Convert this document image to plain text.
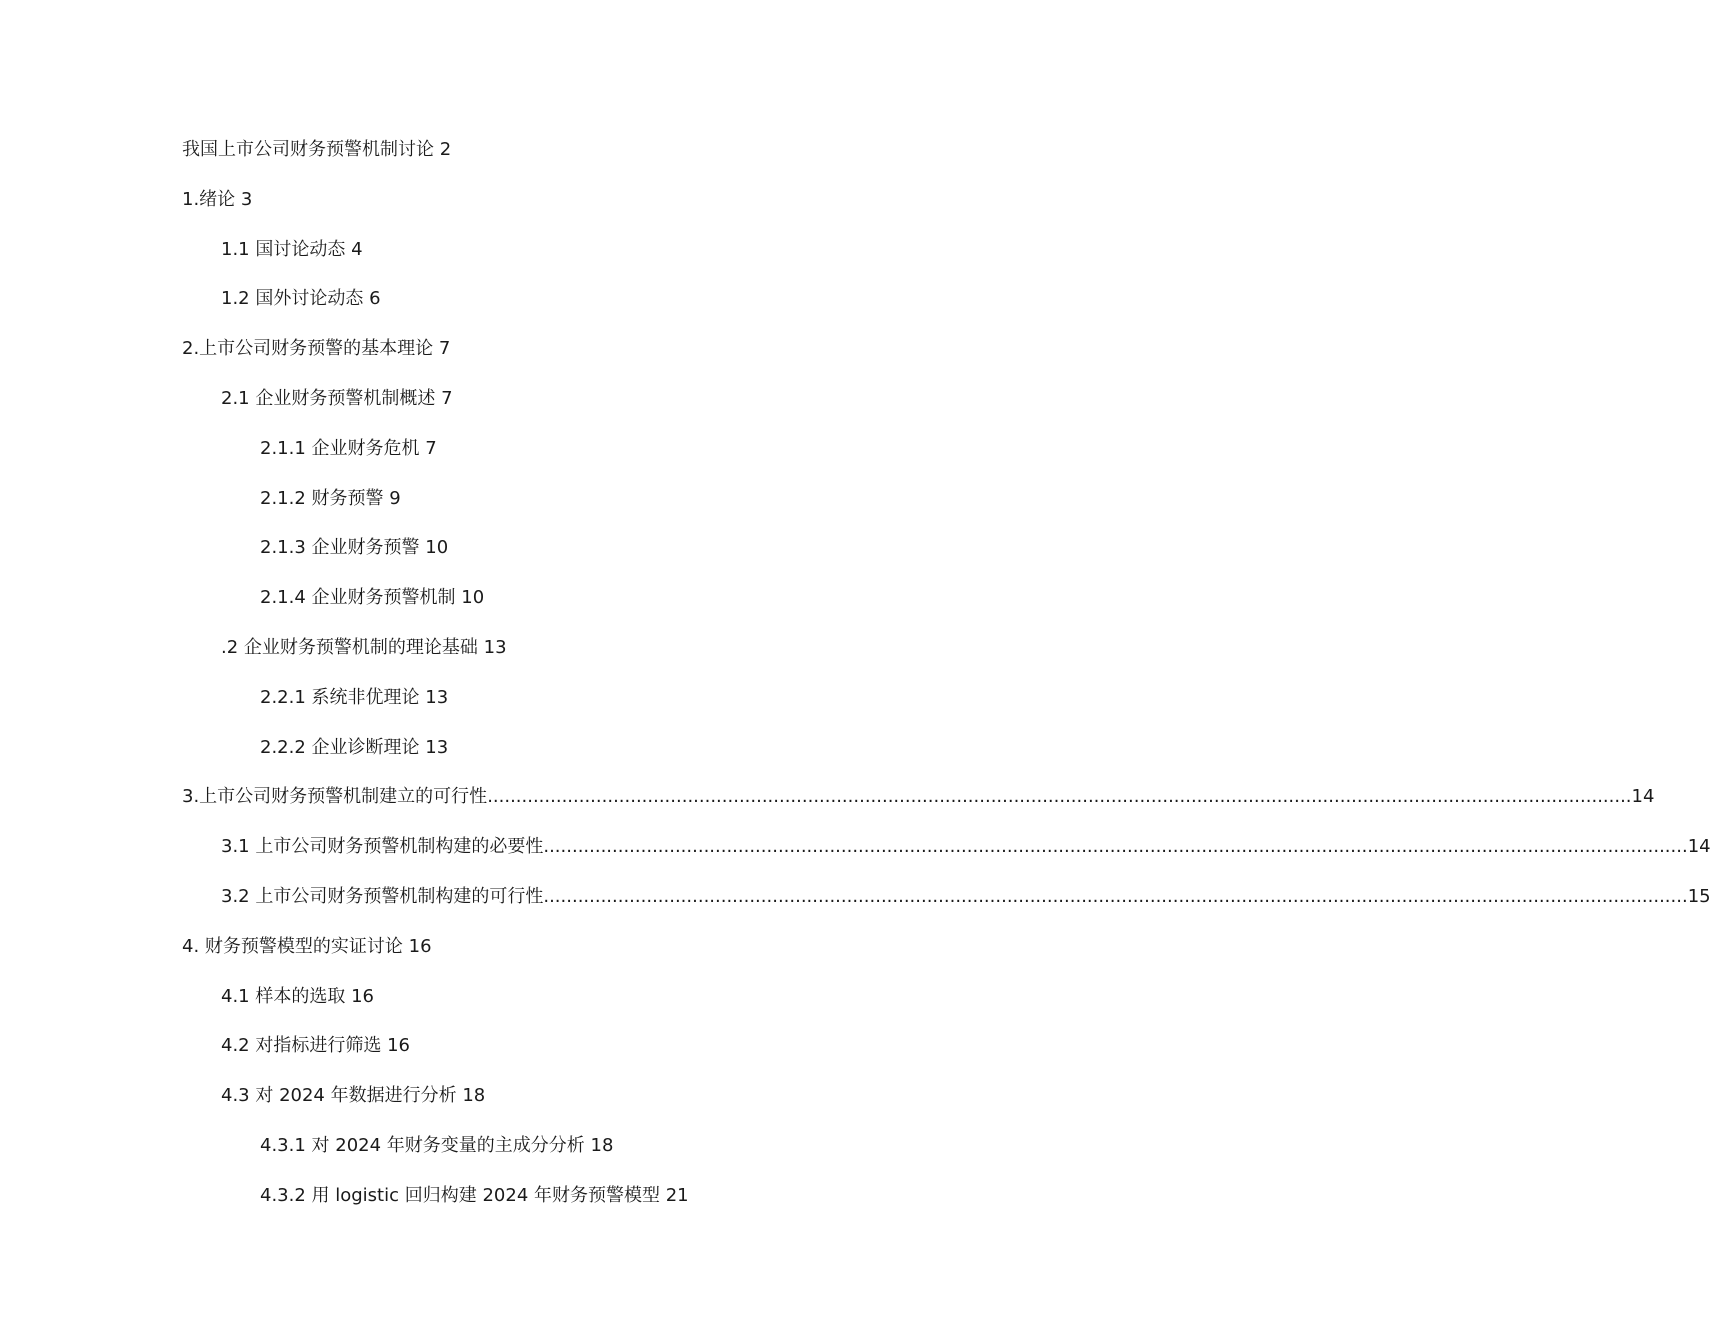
我国上市公司财务预警机制讨论
2
1.绪论
3
1.1 国讨论动态
4
1.2 国外讨论动态
6
2.上市公司财务预警的基本理论
7
2.1 企业财务预警机制概述
7
2.1.1 企业财务危机
7
2.1.2 财务预警
9
2.1.3 企业财务预警
10
2.1.4 企业财务预警机制
10
.2 企业财务预警机制的理论基础
13
2.2.1 系统非优理论
13
2.2.2 企业诊断理论
13
3.上市公司财务预警机制建立的可行性 ........................................................................................................................................................................................................ 14
3.1 上市公司财务预警机制构建的必要性 ........................................................................................................................................................................................................ 14
3.2 上市公司财务预警机制构建的可行性 ........................................................................................................................................................................................................ 15
4. 财务预警模型的实证讨论
16
4.1 样本的选取
16
4.2 对指标进行筛选
16
4.3 对 2024 年数据进行分析
18
4.3.1 对 2024 年财务变量的主成分分析
18
4.3.2 用 logistic 回归构建 2024 年财务预警模型
21
